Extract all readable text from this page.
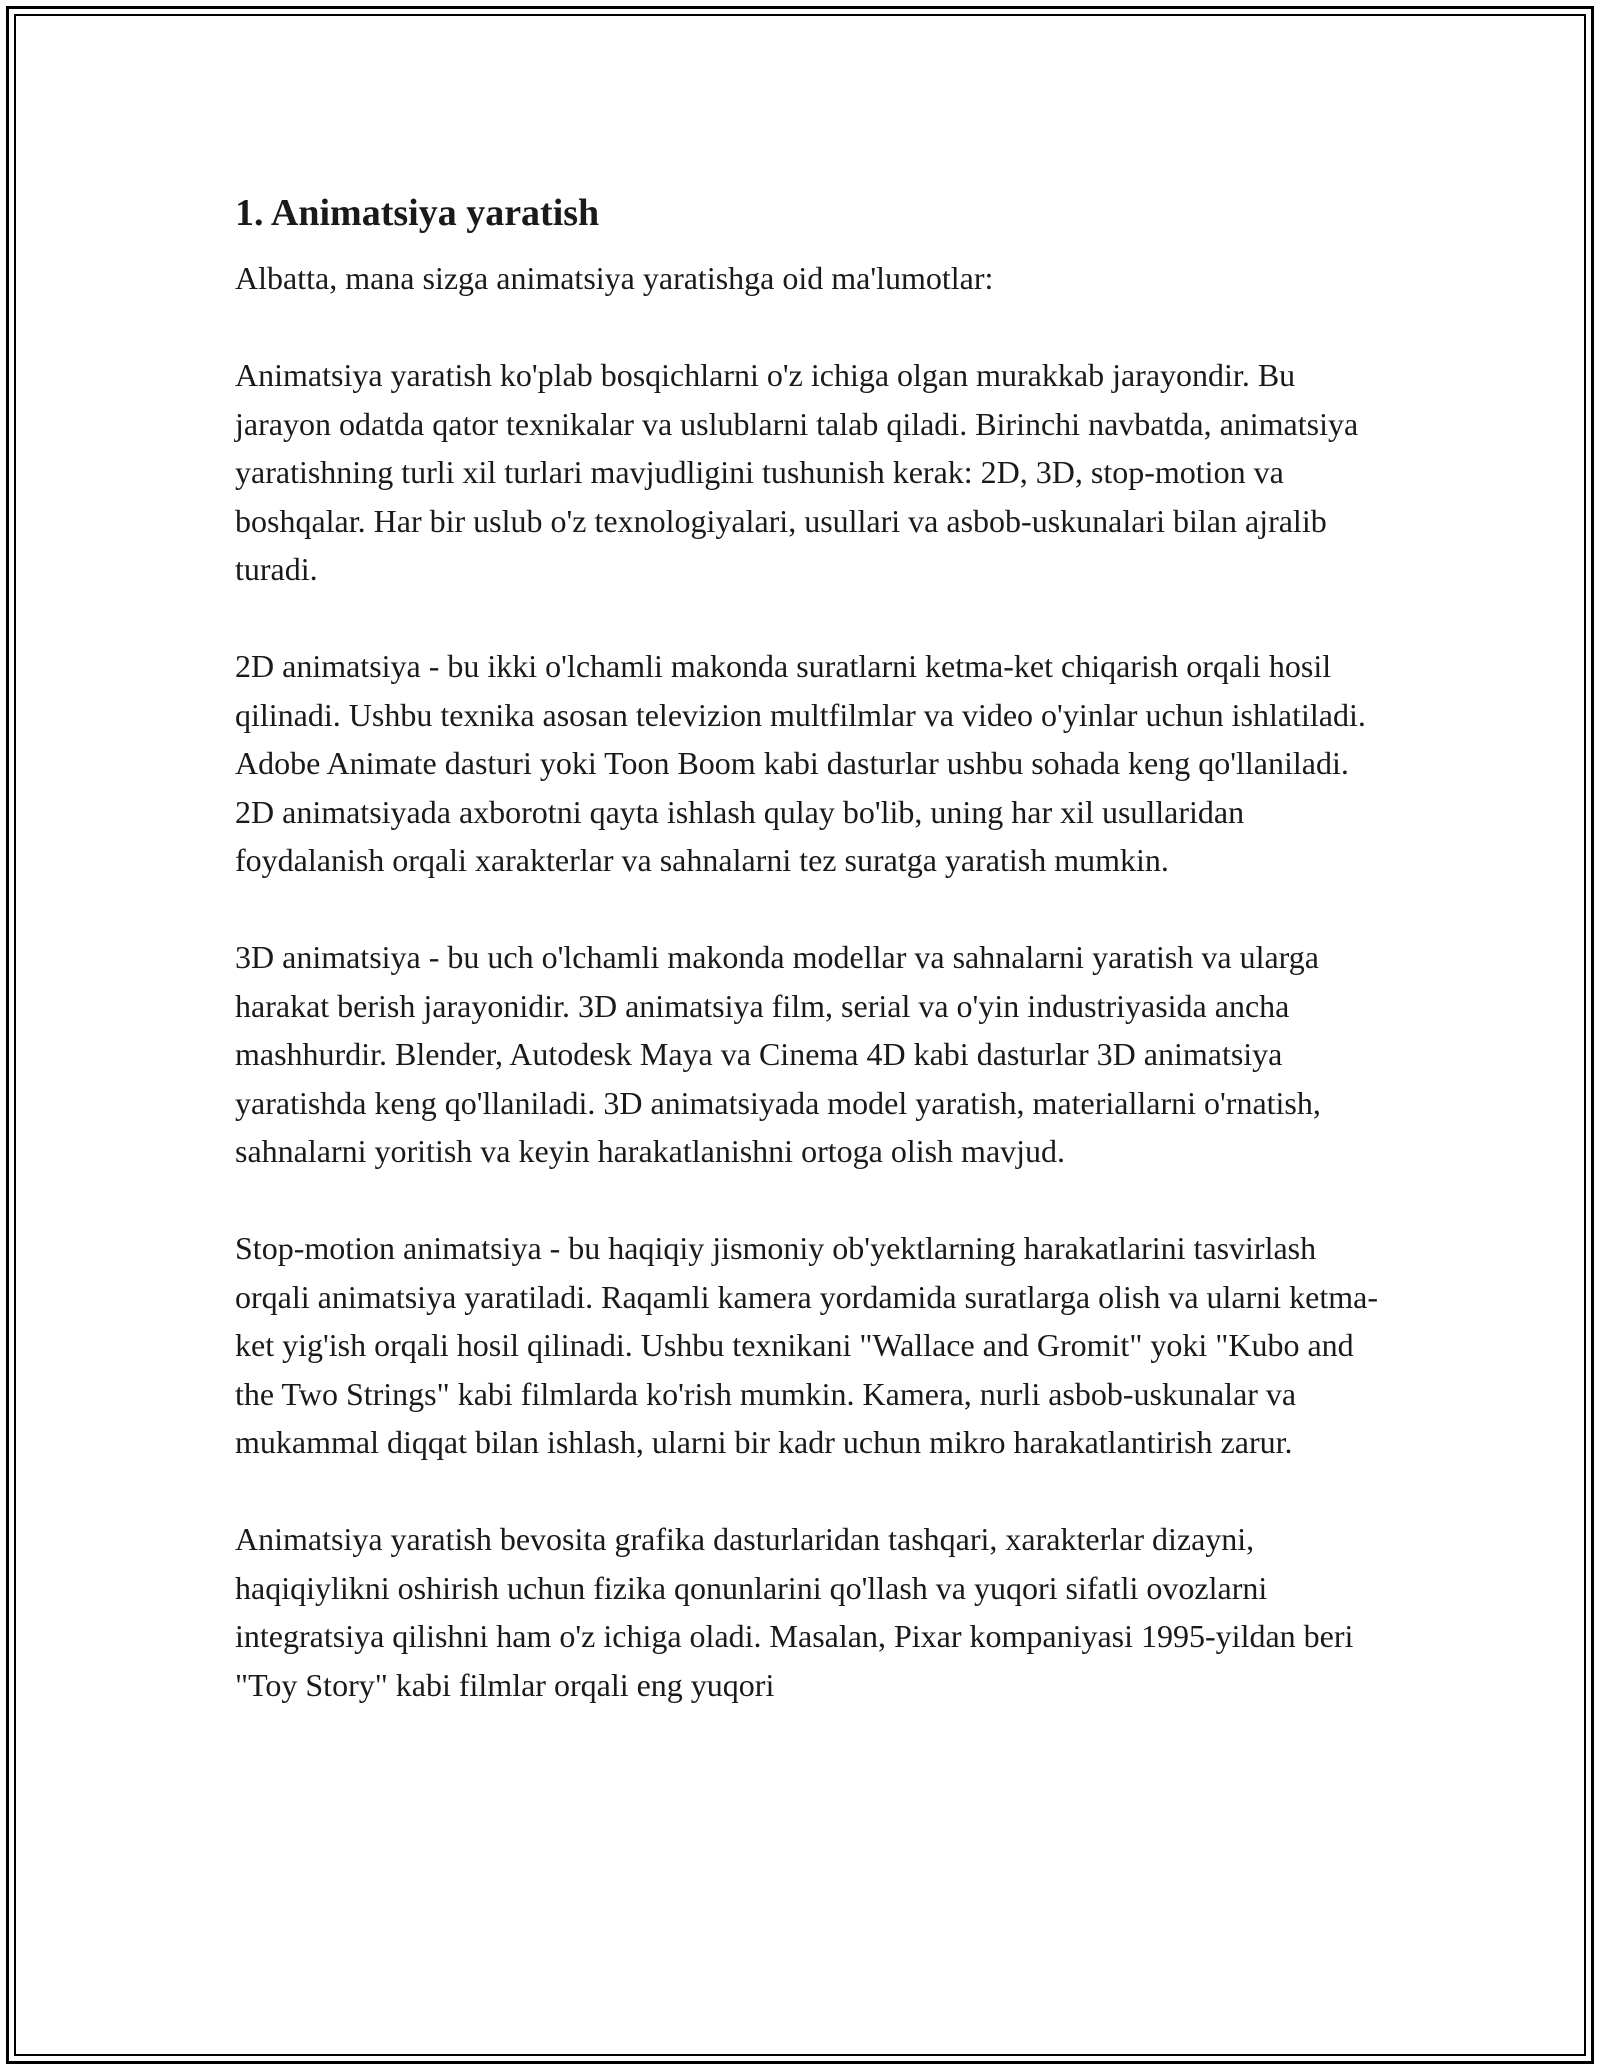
1. Animatsiya yaratish

Albatta, mana sizga animatsiya yaratishga oid ma'lumotlar:

Animatsiya yaratish ko'plab bosqichlarni o'z ichiga olgan murakkab jarayondir. Bu jarayon odatda qator texnikalar va uslublarni talab qiladi. Birinchi navbatda, animatsiya yaratishning turli xil turlari mavjudligini tushunish kerak: 2D, 3D, stop-motion va boshqalar. Har bir uslub o'z texnologiyalari, usullari va asbob-uskunalari bilan ajralib turadi.

2D animatsiya - bu ikki o'lchamli makonda suratlarni ketma-ket chiqarish orqali hosil qilinadi. Ushbu texnika asosan televizion multfilmlar va video o'yinlar uchun ishlatiladi. Adobe Animate dasturi yoki Toon Boom kabi dasturlar ushbu sohada keng qo'llaniladi. 2D animatsiyada axborotni qayta ishlash qulay bo'lib, uning har xil usullaridan foydalanish orqali xarakterlar va sahnalarni tez suratga yaratish mumkin.

3D animatsiya - bu uch o'lchamli makonda modellar va sahnalarni yaratish va ularga harakat berish jarayonidir. 3D animatsiya film, serial va o'yin industriyasida ancha mashhurdir. Blender, Autodesk Maya va Cinema 4D kabi dasturlar 3D animatsiya yaratishda keng qo'llaniladi. 3D animatsiyada model yaratish, materiallarni o'rnatish, sahnalarni yoritish va keyin harakatlanishni ortoga olish mavjud.

Stop-motion animatsiya - bu haqiqiy jismoniy ob'yektlarning harakatlarini tasvirlash orqali animatsiya yaratiladi. Raqamli kamera yordamida suratlarga olish va ularni ketma-ket yig'ish orqali hosil qilinadi. Ushbu texnikani "Wallace and Gromit" yoki "Kubo and the Two Strings" kabi filmlarda ko'rish mumkin. Kamera, nurli asbob-uskunalar va mukammal diqqat bilan ishlash, ularni bir kadr uchun mikro harakatlantirish zarur.

Animatsiya yaratish bevosita grafika dasturlaridan tashqari, xarakterlar dizayni, haqiqiylikni oshirish uchun fizika qonunlarini qo'llash va yuqori sifatli ovozlarni integratsiya qilishni ham o'z ichiga oladi. Masalan, Pixar kompaniyasi 1995-yildan beri "Toy Story" kabi filmlar orqali eng yuqori
